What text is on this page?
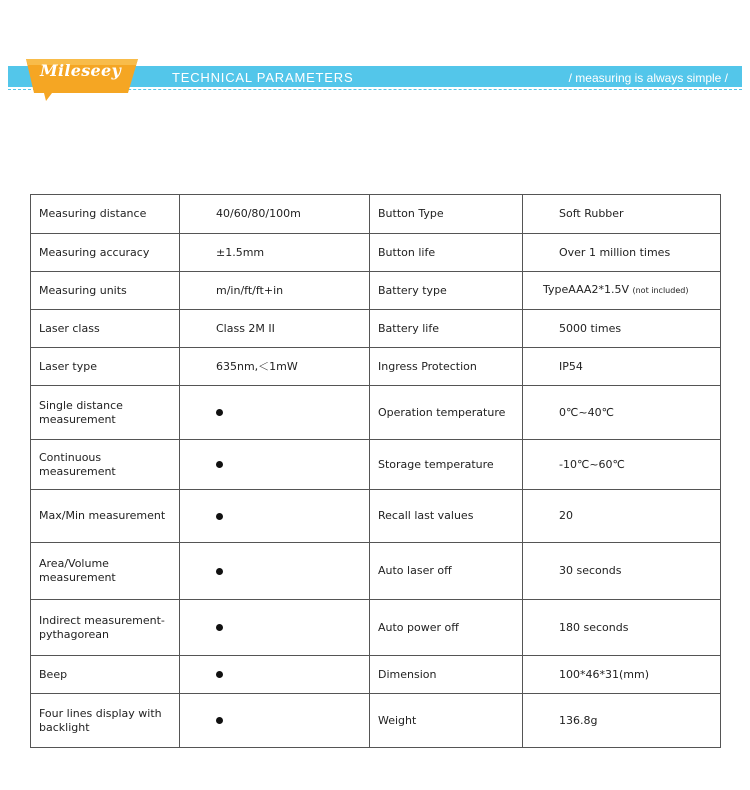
Mileseey	TECHNICAL PARAMETERS	/ measuring is always simple /
Measuring distance	40/60/80/100m	Button Type	Soft Rubber
Measuring accuracy	±1.5mm	Button life	Over 1 million times
Measuring units	m/in/ft/ft+in	Battery type	TypeAAA2*1.5V (not included)
Laser class	Class 2M II	Battery life	5000 times
Laser type	635nm,＜1mW	Ingress Protection	IP54
Single distance measurement		Operation temperature	0℃~40℃
Continuous measurement		Storage temperature	-10℃~60℃
Max/Min measurement		Recall last values	20
Area/Volume measurement		Auto laser off	30 seconds
Indirect measurement-pythagorean		Auto power off	180 seconds
Beep		Dimension	100*46*31(mm)
Four lines display with backlight		Weight	136.8g
